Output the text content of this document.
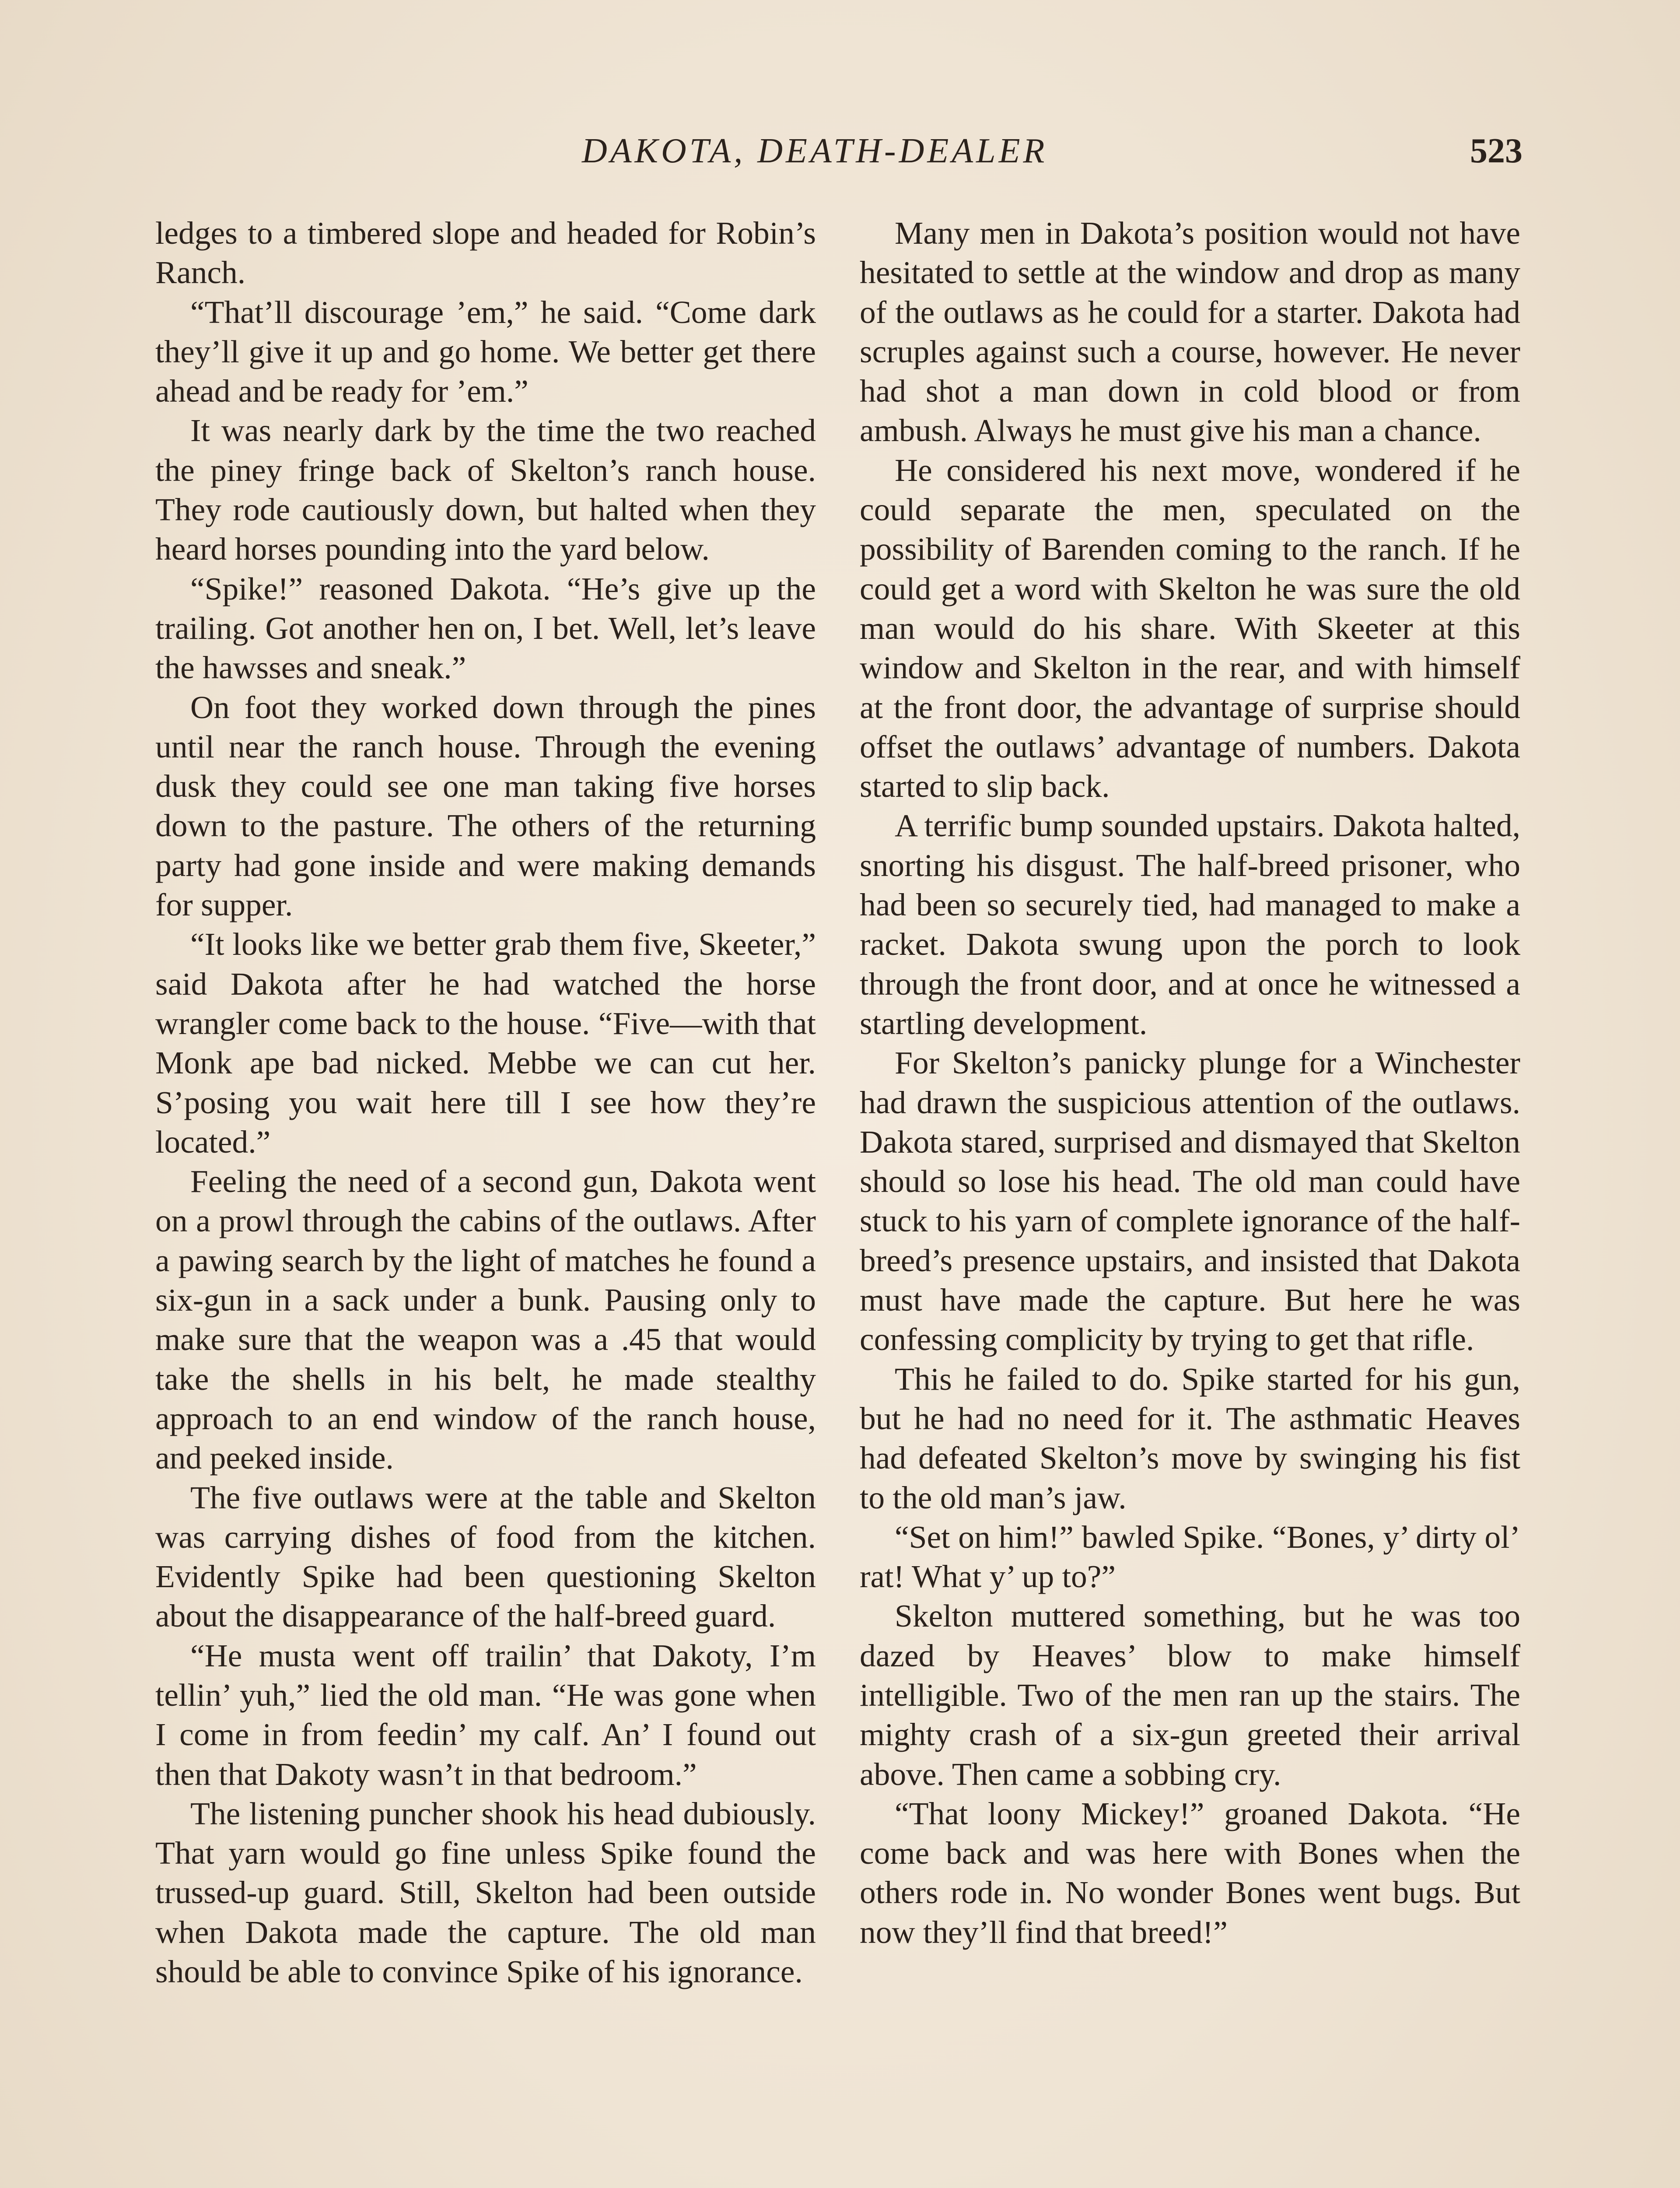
DAKOTA, DEATH-DEALER	523

ledges to a timbered slope and headed for Robin’s Ranch.

“That’ll discourage ’em,” he said. “Come dark they’ll give it up and go home. We better get there ahead and be ready for ’em.”

It was nearly dark by the time the two reached the piney fringe back of Skelton’s ranch house. They rode cautiously down, but halted when they heard horses pounding into the yard below.

“Spike!” reasoned Dakota. “He’s give up the trailing. Got another hen on, I bet. Well, let’s leave the hawsses and sneak.”

On foot they worked down through the pines until near the ranch house. Through the evening dusk they could see one man taking five horses down to the pasture. The others of the returning party had gone inside and were making demands for supper.

“It looks like we better grab them five, Skeeter,” said Dakota after he had watched the horse wrangler come back to the house. “Five—with that Monk ape bad nicked. Mebbe we can cut her. S’posing you wait here till I see how they’re located.”

Feeling the need of a second gun, Dakota went on a prowl through the cabins of the outlaws. After a pawing search by the light of matches he found a six-gun in a sack under a bunk. Pausing only to make sure that the weapon was a .45 that would take the shells in his belt, he made stealthy approach to an end window of the ranch house, and peeked inside.

The five outlaws were at the table and Skelton was carrying dishes of food from the kitchen. Evidently Spike had been questioning Skelton about the disappearance of the half-breed guard.

“He musta went off trailin’ that Dakoty, I’m tellin’ yuh,” lied the old man. “He was gone when I come in from feedin’ my calf. An’ I found out then that Dakoty wasn’t in that bedroom.”

The listening puncher shook his head dubiously. That yarn would go fine unless Spike found the trussed-up guard. Still, Skelton had been outside when Dakota made the capture. The old man should be able to convince Spike of his ignorance.

Many men in Dakota’s position would not have hesitated to settle at the window and drop as many of the outlaws as he could for a starter. Dakota had scruples against such a course, however. He never had shot a man down in cold blood or from ambush. Always he must give his man a chance.

He considered his next move, wondered if he could separate the men, speculated on the possibility of Barenden coming to the ranch. If he could get a word with Skelton he was sure the old man would do his share. With Skeeter at this window and Skelton in the rear, and with himself at the front door, the advantage of surprise should offset the outlaws’ advantage of numbers. Dakota started to slip back.

A terrific bump sounded upstairs. Dakota halted, snorting his disgust. The half-breed prisoner, who had been so securely tied, had managed to make a racket. Dakota swung upon the porch to look through the front door, and at once he witnessed a startling development.

For Skelton’s panicky plunge for a Winchester had drawn the suspicious attention of the outlaws. Dakota stared, surprised and dismayed that Skelton should so lose his head. The old man could have stuck to his yarn of complete ignorance of the half-breed’s presence upstairs, and insisted that Dakota must have made the capture. But here he was confessing complicity by trying to get that rifle.

This he failed to do. Spike started for his gun, but he had no need for it. The asthmatic Heaves had defeated Skelton’s move by swinging his fist to the old man’s jaw.

“Set on him!” bawled Spike. “Bones, y’ dirty ol’ rat! What y’ up to?”

Skelton muttered something, but he was too dazed by Heaves’ blow to make himself intelligible. Two of the men ran up the stairs. The mighty crash of a six-gun greeted their arrival above. Then came a sobbing cry.

“That loony Mickey!” groaned Dakota. “He come back and was here with Bones when the others rode in. No wonder Bones went bugs. But now they’ll find that breed!”
